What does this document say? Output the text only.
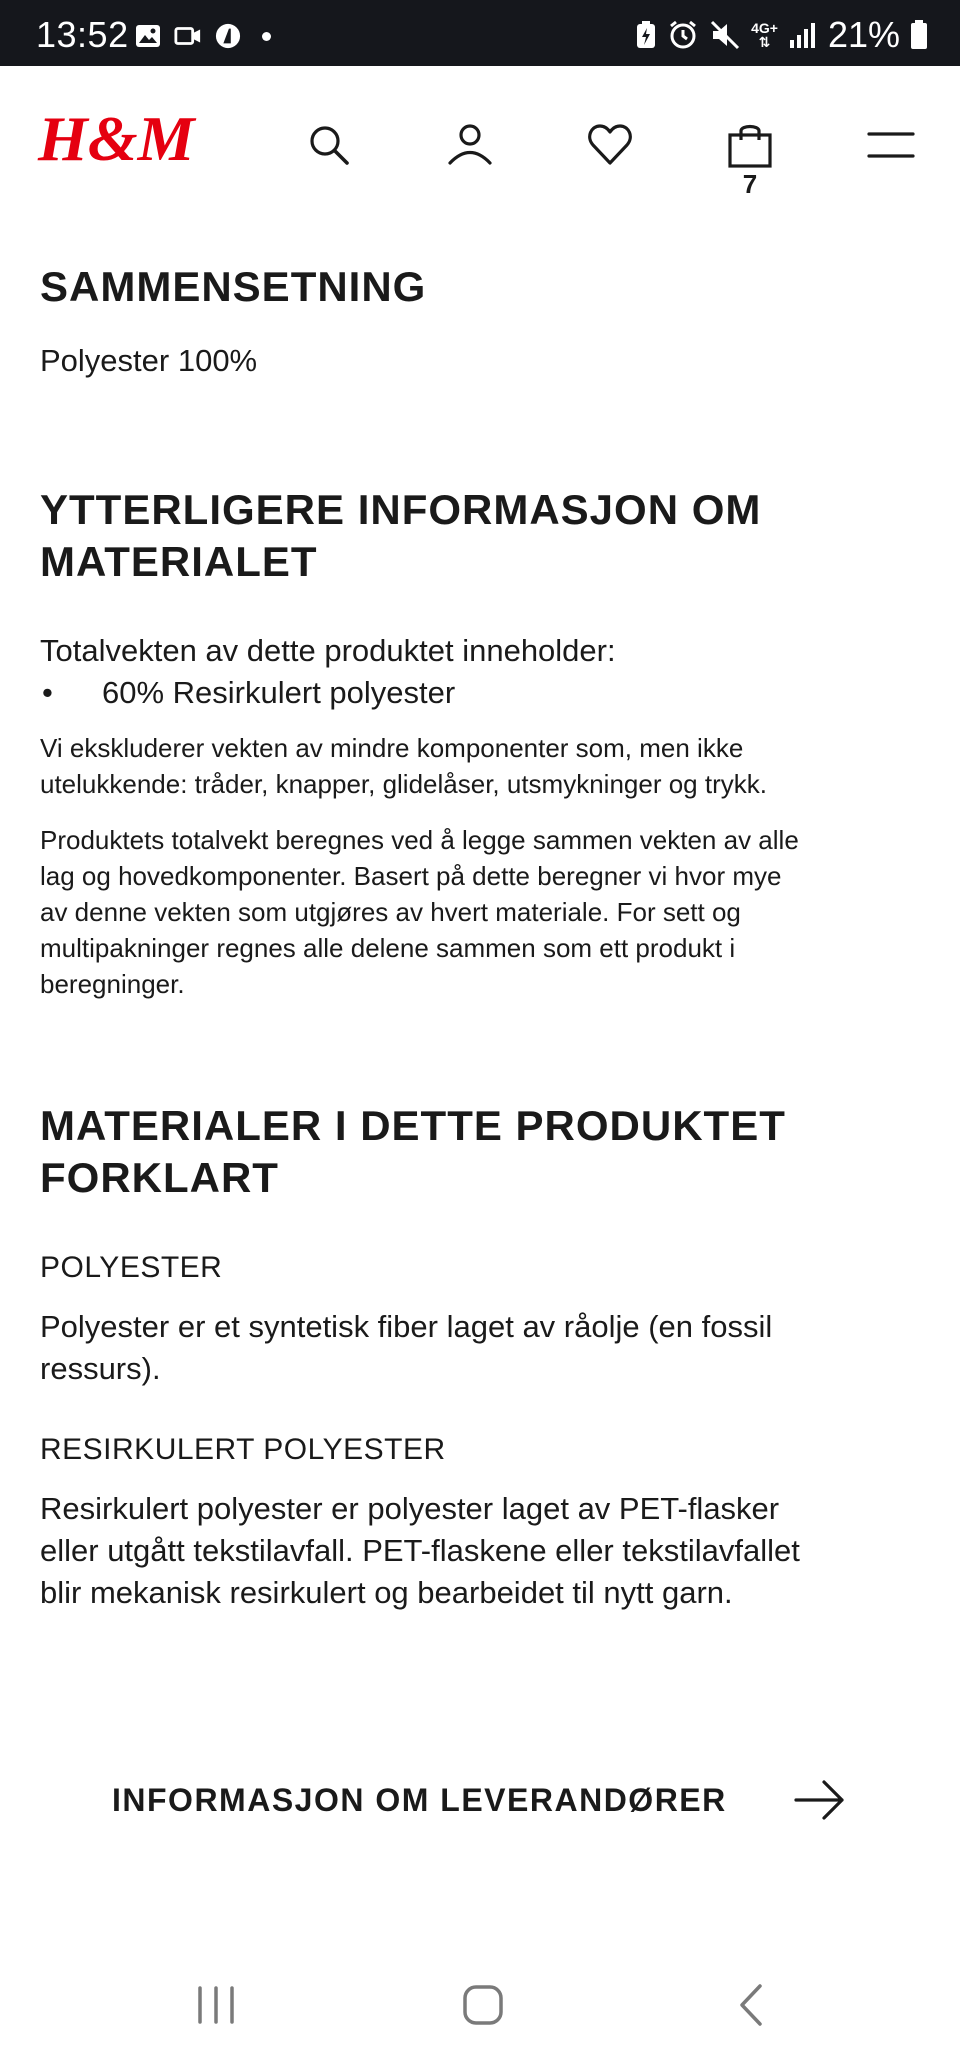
13:52	4G+
⇅ 21%
H&M
7
SAMMENSETNING

Polyester 100%

YTTERLIGERE INFORMASJON OM
MATERIALET

Totalvekten av dette produktet inneholder:

•	60% Resirkulert polyester

Vi ekskluderer vekten av mindre komponenter som, men ikke
utelukkende: tråder, knapper, glidelåser, utsmykninger og trykk.

Produktets totalvekt beregnes ved å legge sammen vekten av alle
lag og hovedkomponenter. Basert på dette beregner vi hvor mye
av denne vekten som utgjøres av hvert materiale. For sett og
multipakninger regnes alle delene sammen som ett produkt i
beregninger.

MATERIALER I DETTE PRODUKTET
FORKLART

POLYESTER

Polyester er et syntetisk fiber laget av råolje (en fossil
ressurs).

RESIRKULERT POLYESTER

Resirkulert polyester er polyester laget av PET-flasker
eller utgått tekstilavfall. PET-flaskene eller tekstilavfallet
blir mekanisk resirkulert og bearbeidet til nytt garn.

INFORMASJON OM LEVERANDØRER
